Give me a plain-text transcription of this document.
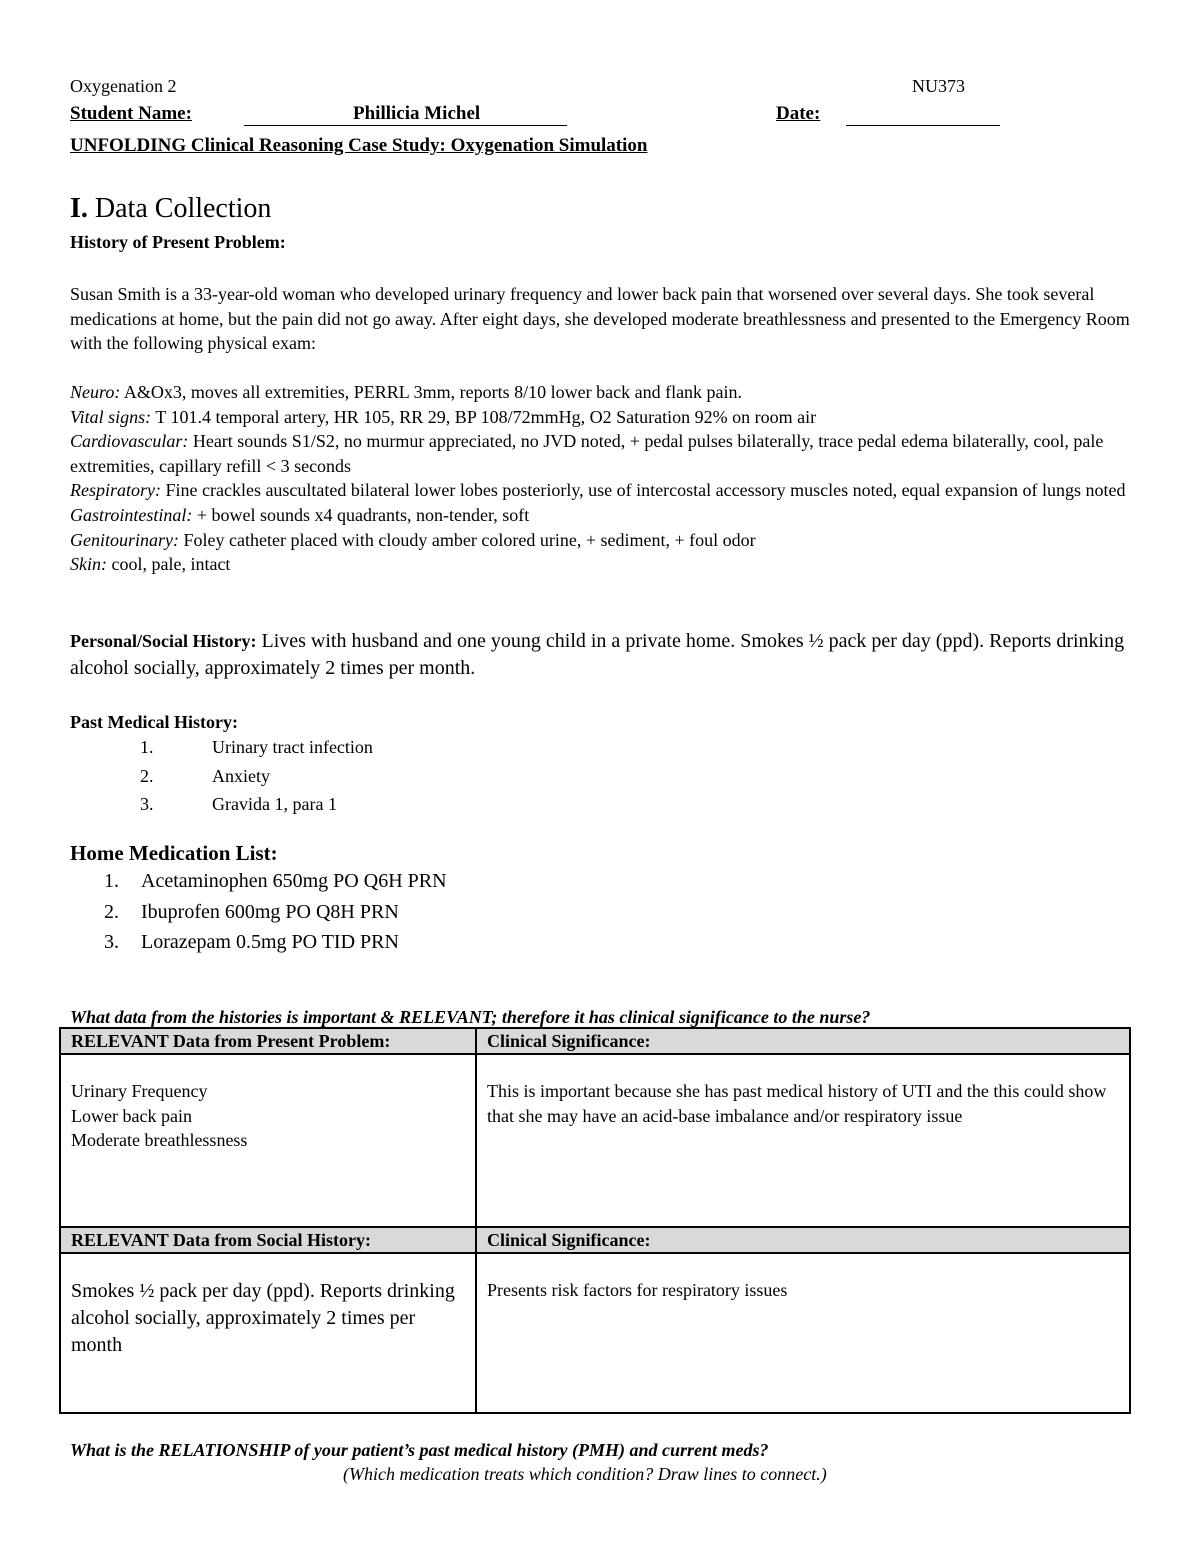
Oxygenation 2	NU373
Student Name:	Phillicia Michel	Date:
UNFOLDING Clinical Reasoning Case Study: Oxygenation Simulation
I. Data Collection
History of Present Problem:

Susan Smith is a 33-year-old woman who developed urinary frequency and lower back pain that worsened over several days. She took several medications at home, but the pain did not go away. After eight days, she developed moderate breathlessness and presented to the Emergency Room with the following physical exam:

Neuro: A&Ox3, moves all extremities, PERRL 3mm, reports 8/10 lower back and flank pain.

Vital signs: T 101.4 temporal artery, HR 105, RR 29, BP 108/72mmHg, O2 Saturation 92% on room air

Cardiovascular: Heart sounds S1/S2, no murmur appreciated, no JVD noted, + pedal pulses bilaterally, trace pedal edema bilaterally, cool, pale extremities, capillary refill < 3 seconds

Respiratory: Fine crackles auscultated bilateral lower lobes posteriorly, use of intercostal accessory muscles noted, equal expansion of lungs noted

Gastrointestinal: + bowel sounds x4 quadrants, non-tender, soft

Genitourinary: Foley catheter placed with cloudy amber colored urine, + sediment, + foul odor

Skin: cool, pale, intact

Personal/Social History: Lives with husband and one young child in a private home. Smokes ½ pack per day (ppd). Reports drinking alcohol socially, approximately 2 times per month.
Past Medical History:
1.	Urinary tract infection
2.	Anxiety
3.	Gravida 1, para 1
Home Medication List:
1.	Acetaminophen 650mg PO Q6H PRN
2.	Ibuprofen 600mg PO Q8H PRN
3.	Lorazepam 0.5mg PO TID PRN
What data from the histories is important & RELEVANT; therefore it has clinical significance to the nurse?
RELEVANT Data from Present Problem:	Clinical Significance:

Urinary Frequency
Lower back pain
Moderate breathlessness	This is important because she has past medical history of UTI and the this could show that she may have an acid-base imbalance and/or respiratory issue
RELEVANT Data from Social History:	Clinical Significance:
Smokes ½ pack per day (ppd). Reports drinking alcohol socially, approximately 2 times per month	Presents risk factors for respiratory issues
What is the RELATIONSHIP of your patient’s past medical history (PMH) and current meds?
(Which medication treats which condition? Draw lines to connect.)
